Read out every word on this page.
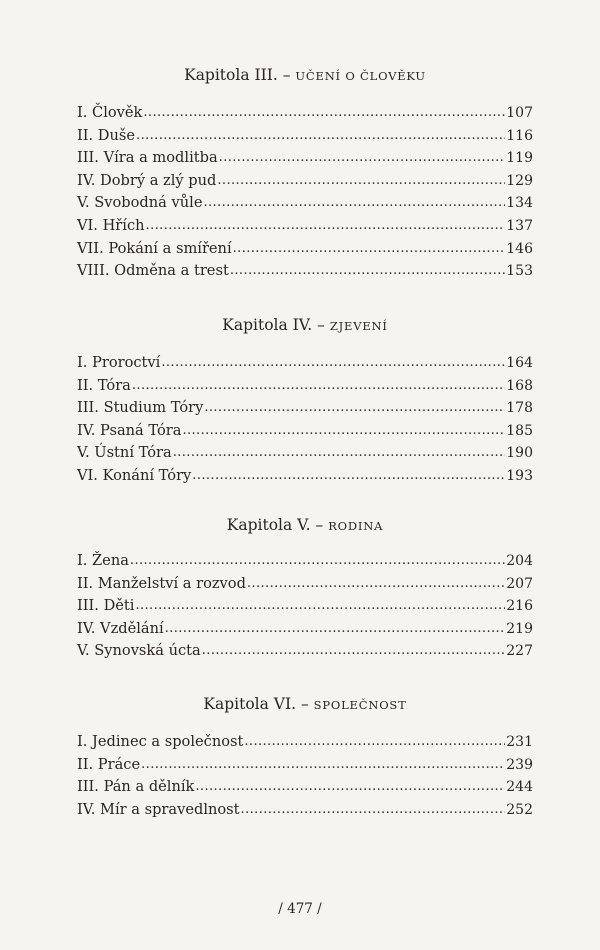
Kapitola III. – UČENÍ O ČLOVĚKU
I. Člověk .....	107
II. Duše .....	116
III. Víra a modlitba .....	119
IV. Dobrý a zlý pud .....	129
V. Svobodná vůle .....	134
VI. Hřích .....	137
VII. Pokání a smíření .....	146
VIII. Odměna a trest .....	153
Kapitola IV. – ZJEVENÍ
I. Proroctví .....	164
II. Tóra .....	168
III. Studium Tóry .....	178
IV. Psaná Tóra .....	185
V. Ústní Tóra .....	190
VI. Konání Tóry .....	193
Kapitola V. – RODINA
I. Žena .....	204
II. Manželství a rozvod .....	207
III. Děti .....	216
IV. Vzdělání .....	219
V. Synovská úcta .....	227
Kapitola VI. – SPOLEČNOST
I. Jedinec a společnost .....	231
II. Práce .....	239
III. Pán a dělník .....	244
IV. Mír a spravedlnost .....	252
/ 477 /
